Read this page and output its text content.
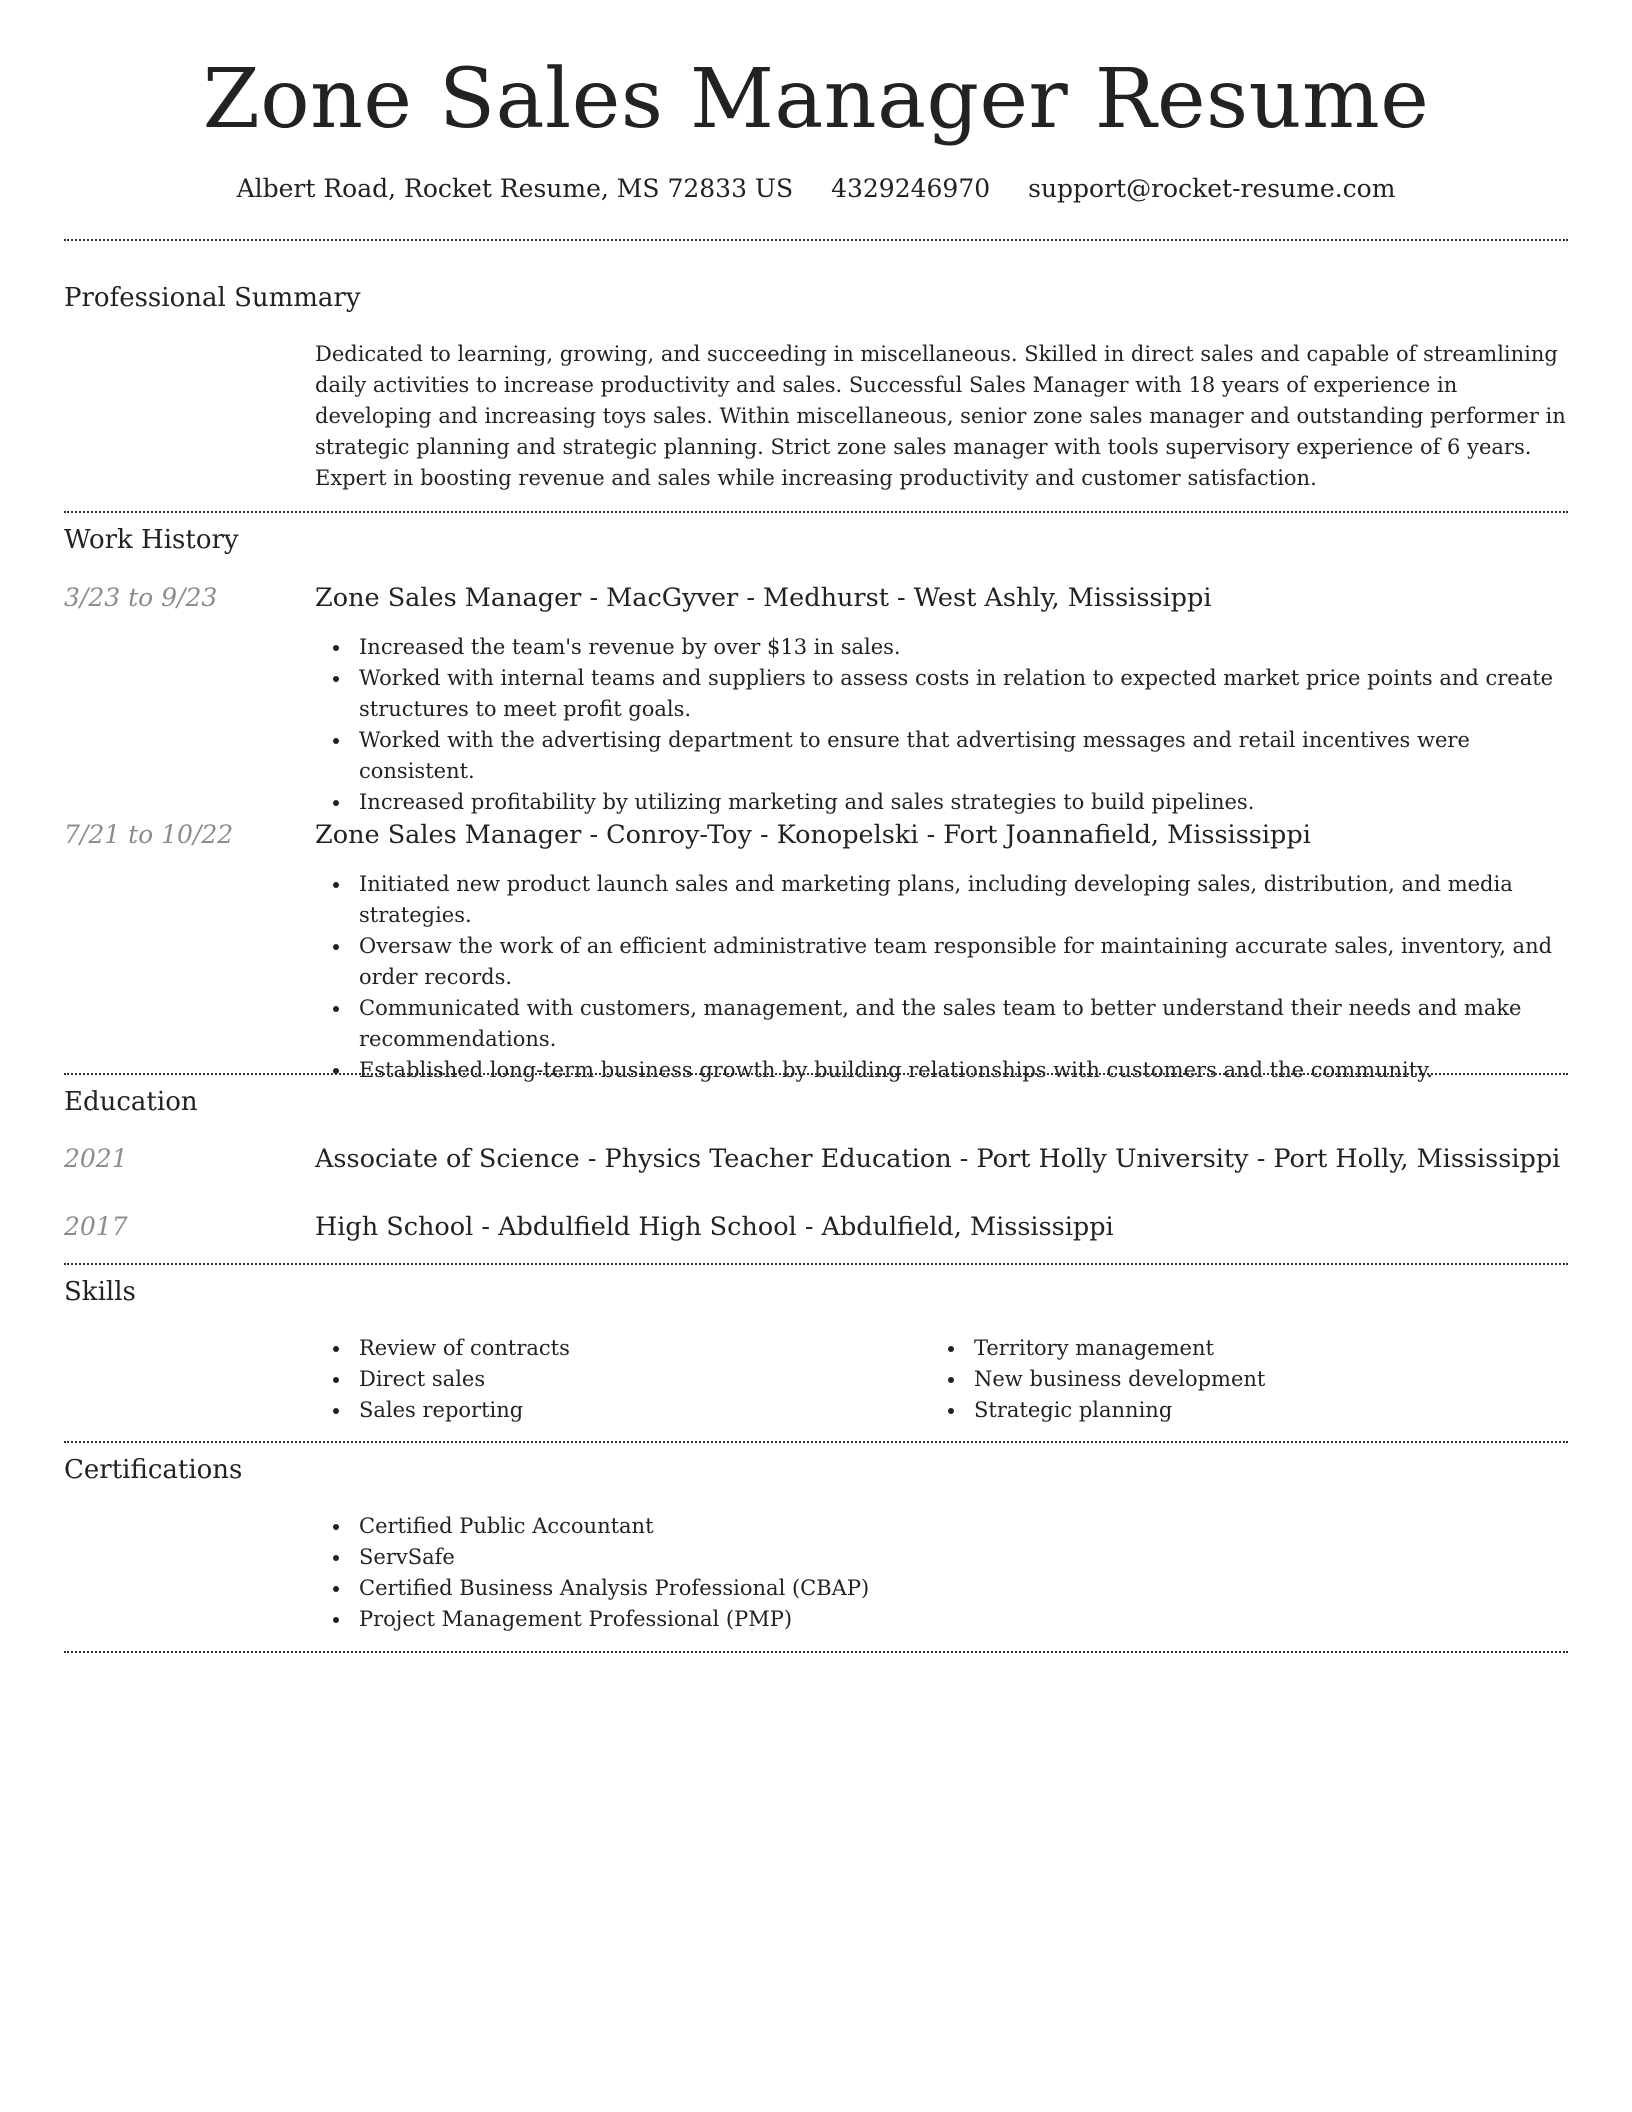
Zone Sales Manager Resume
Albert Road, Rocket Resume, MS 72833 US 4329246970 support@rocket-resume.com
Professional Summary

Dedicated to learning, growing, and succeeding in miscellaneous. Skilled in direct sales and capable of streamlining daily activities to increase productivity and sales. Successful Sales Manager with 18 years of experience in developing and increasing toys sales. Within miscellaneous, senior zone sales manager and outstanding performer in strategic planning and strategic planning. Strict zone sales manager with tools supervisory experience of 6 years. Expert in boosting revenue and sales while increasing productivity and customer satisfaction.

Work History
3/23 to 9/23	Zone Sales Manager - MacGyver - Medhurst - West Ashly, Mississippi
Increased the team's revenue by over $13 in sales.
Worked with internal teams and suppliers to assess costs in relation to expected market price points and create structures to meet profit goals.
Worked with the advertising department to ensure that advertising messages and retail incentives were consistent.
Increased profitability by utilizing marketing and sales strategies to build pipelines.
7/21 to 10/22	Zone Sales Manager - Conroy-Toy - Konopelski - Fort Joannafield, Mississippi
Initiated new product launch sales and marketing plans, including developing sales, distribution, and media strategies.
Oversaw the work of an efficient administrative team responsible for maintaining accurate sales, inventory, and order records.
Communicated with customers, management, and the sales team to better understand their needs and make recommendations.
Established long-term business growth by building relationships with customers and the community.
Education
2021	Associate of Science - Physics Teacher Education - Port Holly University - Port Holly, Mississippi
2017	High School - Abdulfield High School - Abdulfield, Mississippi
Skills
Review of contracts
Direct sales
Sales reporting
Territory management
New business development
Strategic planning
Certifications
Certified Public Accountant
ServSafe
Certified Business Analysis Professional (CBAP)
Project Management Professional (PMP)
